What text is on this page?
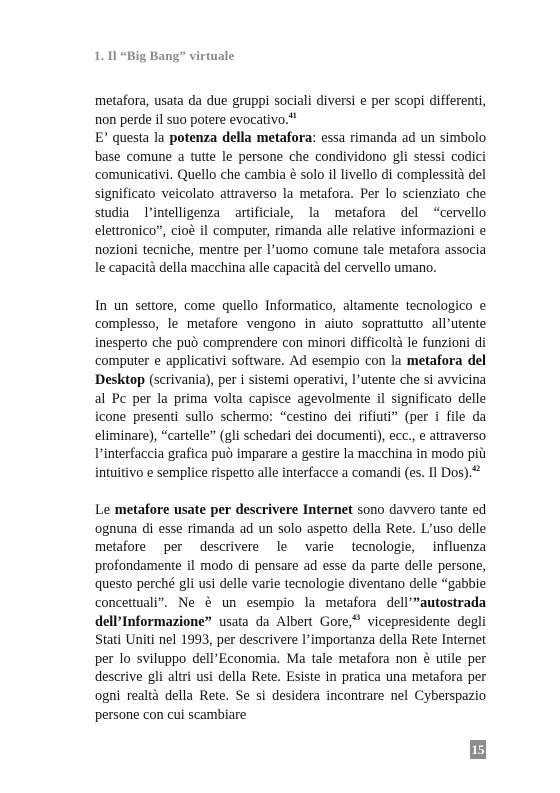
1. Il “Big Bang” virtuale

metafora, usata da due gruppi sociali diversi e per scopi differenti, non perde il suo potere evocativo.$^{41}$

E’ questa la potenza della metafora: essa rimanda ad un simbolo base comune a tutte le persone che condividono gli stessi codici comunicativi. Quello che cambia è solo il livello di complessità del significato veicolato attraverso la metafora. Per lo scienziato che studia l’intelligenza artificiale, la metafora del “cervello elettronico”, cioè il computer, rimanda alle relative informazioni e nozioni tecniche, mentre per l’uomo comune tale metafora associa le capacità della macchina alle capacità del cervello umano.

In un settore, come quello Informatico, altamente tecnologico e complesso, le metafore vengono in aiuto soprattutto all’utente inesperto che può comprendere con minori difficoltà le funzioni di computer e applicativi software. Ad esempio con la metafora del Desktop (scrivania), per i sistemi operativi, l’utente che si avvicina al Pc per la prima volta capisce agevolmente il significato delle icone presenti sullo schermo: “cestino dei rifiuti” (per i file da eliminare), “cartelle” (gli schedari dei documenti), ecc., e attraverso l’interfaccia grafica può imparare a gestire la macchina in modo più intuitivo e semplice rispetto alle interfacce a comandi (es. Il Dos).$^{42}$

Le metafore usate per descrivere Internet sono davvero tante ed ognuna di esse rimanda ad un solo aspetto della Rete. L’uso delle metafore per descrivere le varie tecnologie, influenza profondamente il modo di pensare ad esse da parte delle persone, questo perché gli usi delle varie tecnologie diventano delle “gabbie concettuali”. Ne è un esempio la metafora dell’”autostrada dell’Informazione” usata da Albert Gore,$^{43}$ vicepresidente degli Stati Uniti nel 1993, per descrivere l’importanza della Rete Internet per lo sviluppo dell’Economia. Ma tale metafora non è utile per descrive gli altri usi della Rete. Esiste in pratica una metafora per ogni realtà della Rete. Se si desidera incontrare nel Cyberspazio persone con cui scambiare

15
